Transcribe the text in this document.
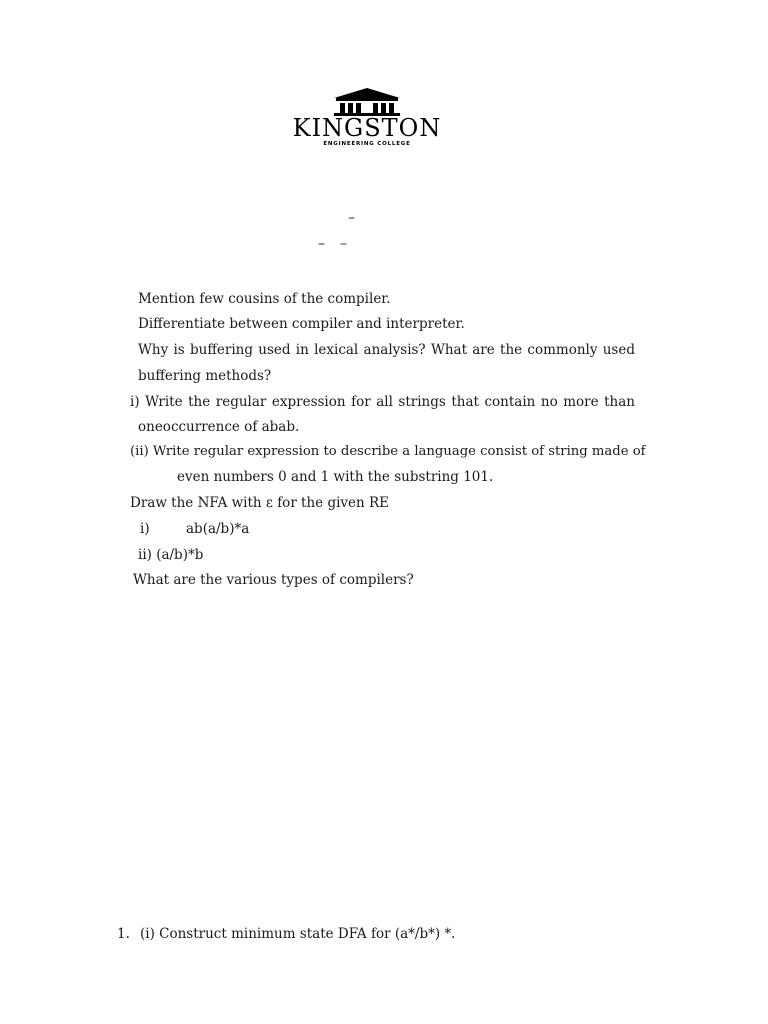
KINGSTON
ENGINEERING COLLEGE
–
– –
Mention few cousins of the compiler.
Differentiate between compiler and interpreter.
Why is buffering used in lexical analysis? What are the commonly used
buffering methods?
i) Write the regular expression for all strings that contain no more than
oneoccurrence of abab.
(ii) Write regular expression to describe a language consist of string made of
even numbers 0 and 1 with the substring 101.
Draw the NFA with ε for the given RE
i)	ab(a/b)*a
ii) (a/b)*b
What are the various types of compilers?
1. (i) Construct minimum state DFA for (a*/b*) *.
